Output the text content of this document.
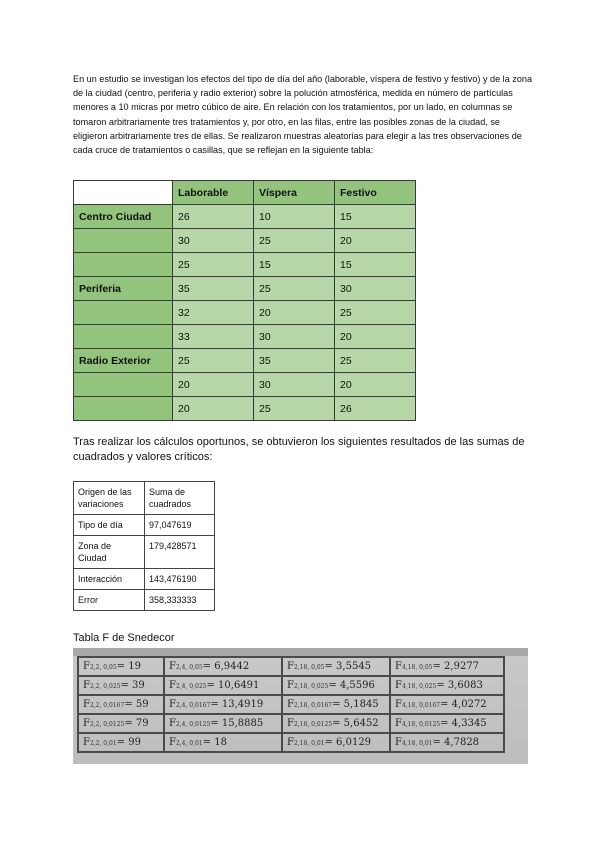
En un estudio se investigan los efectos del tipo de día del año (laborable, víspera de festivo y festivo) y de la zona de la ciudad (centro, periferia y radio exterior) sobre la polución atmosférica, medida en número de partículas menores a 10 micras por metro cúbico de aire. En relación con los tratamientos, por un lado, en columnas se tomaron arbitrariamente tres tratamientos y, por otro, en las filas, entre las posibles zonas de la ciudad, se eligieron arbitrariamente tres de ellas. Se realizaron muestras aleatorias para elegir a las tres observaciones de cada cruce de tratamientos o casillas, que se reflejan en la siguiente tabla:

	Laborable	Víspera	Festivo
Centro Ciudad	26	10	15
	30	25	20
	25	15	15
Periferia	35	25	30
	32	20	25
	33	30	20
Radio Exterior	25	35	25
	20	30	20
	20	25	26

Tras realizar los cálculos oportunos, se obtuvieron los siguientes resultados de las sumas de cuadrados y valores críticos:

Origen de las variaciones	Suma de cuadrados
Tipo de día	97,047619
Zona de Ciudad	179,428571
Interacción	143,476190
Error	358,333333

Tabla F de Snedecor

F2,2, 0,05= 19	F2,4, 0,05= 6,9442	F2,18, 0,05= 3,5545	F4,18, 0,05= 2,9277
F2,2, 0,025= 39	F2,4, 0,025= 10,6491	F2,18, 0,025= 4,5596	F4,18, 0,025= 3,6083
F2,2, 0,0167= 59	F2,4, 0,0167= 13,4919	F2,18, 0,0167= 5,1845	F4,18, 0,0167= 4,0272
F2,2, 0,0125= 79	F2,4, 0,0125= 15,8885	F2,18, 0,0125= 5,6452	F4,18, 0,0125= 4,3345
F2,2, 0,01= 99	F2,4, 0,01= 18	F2,18, 0,01= 6,0129	F4,18, 0,01= 4,7828
